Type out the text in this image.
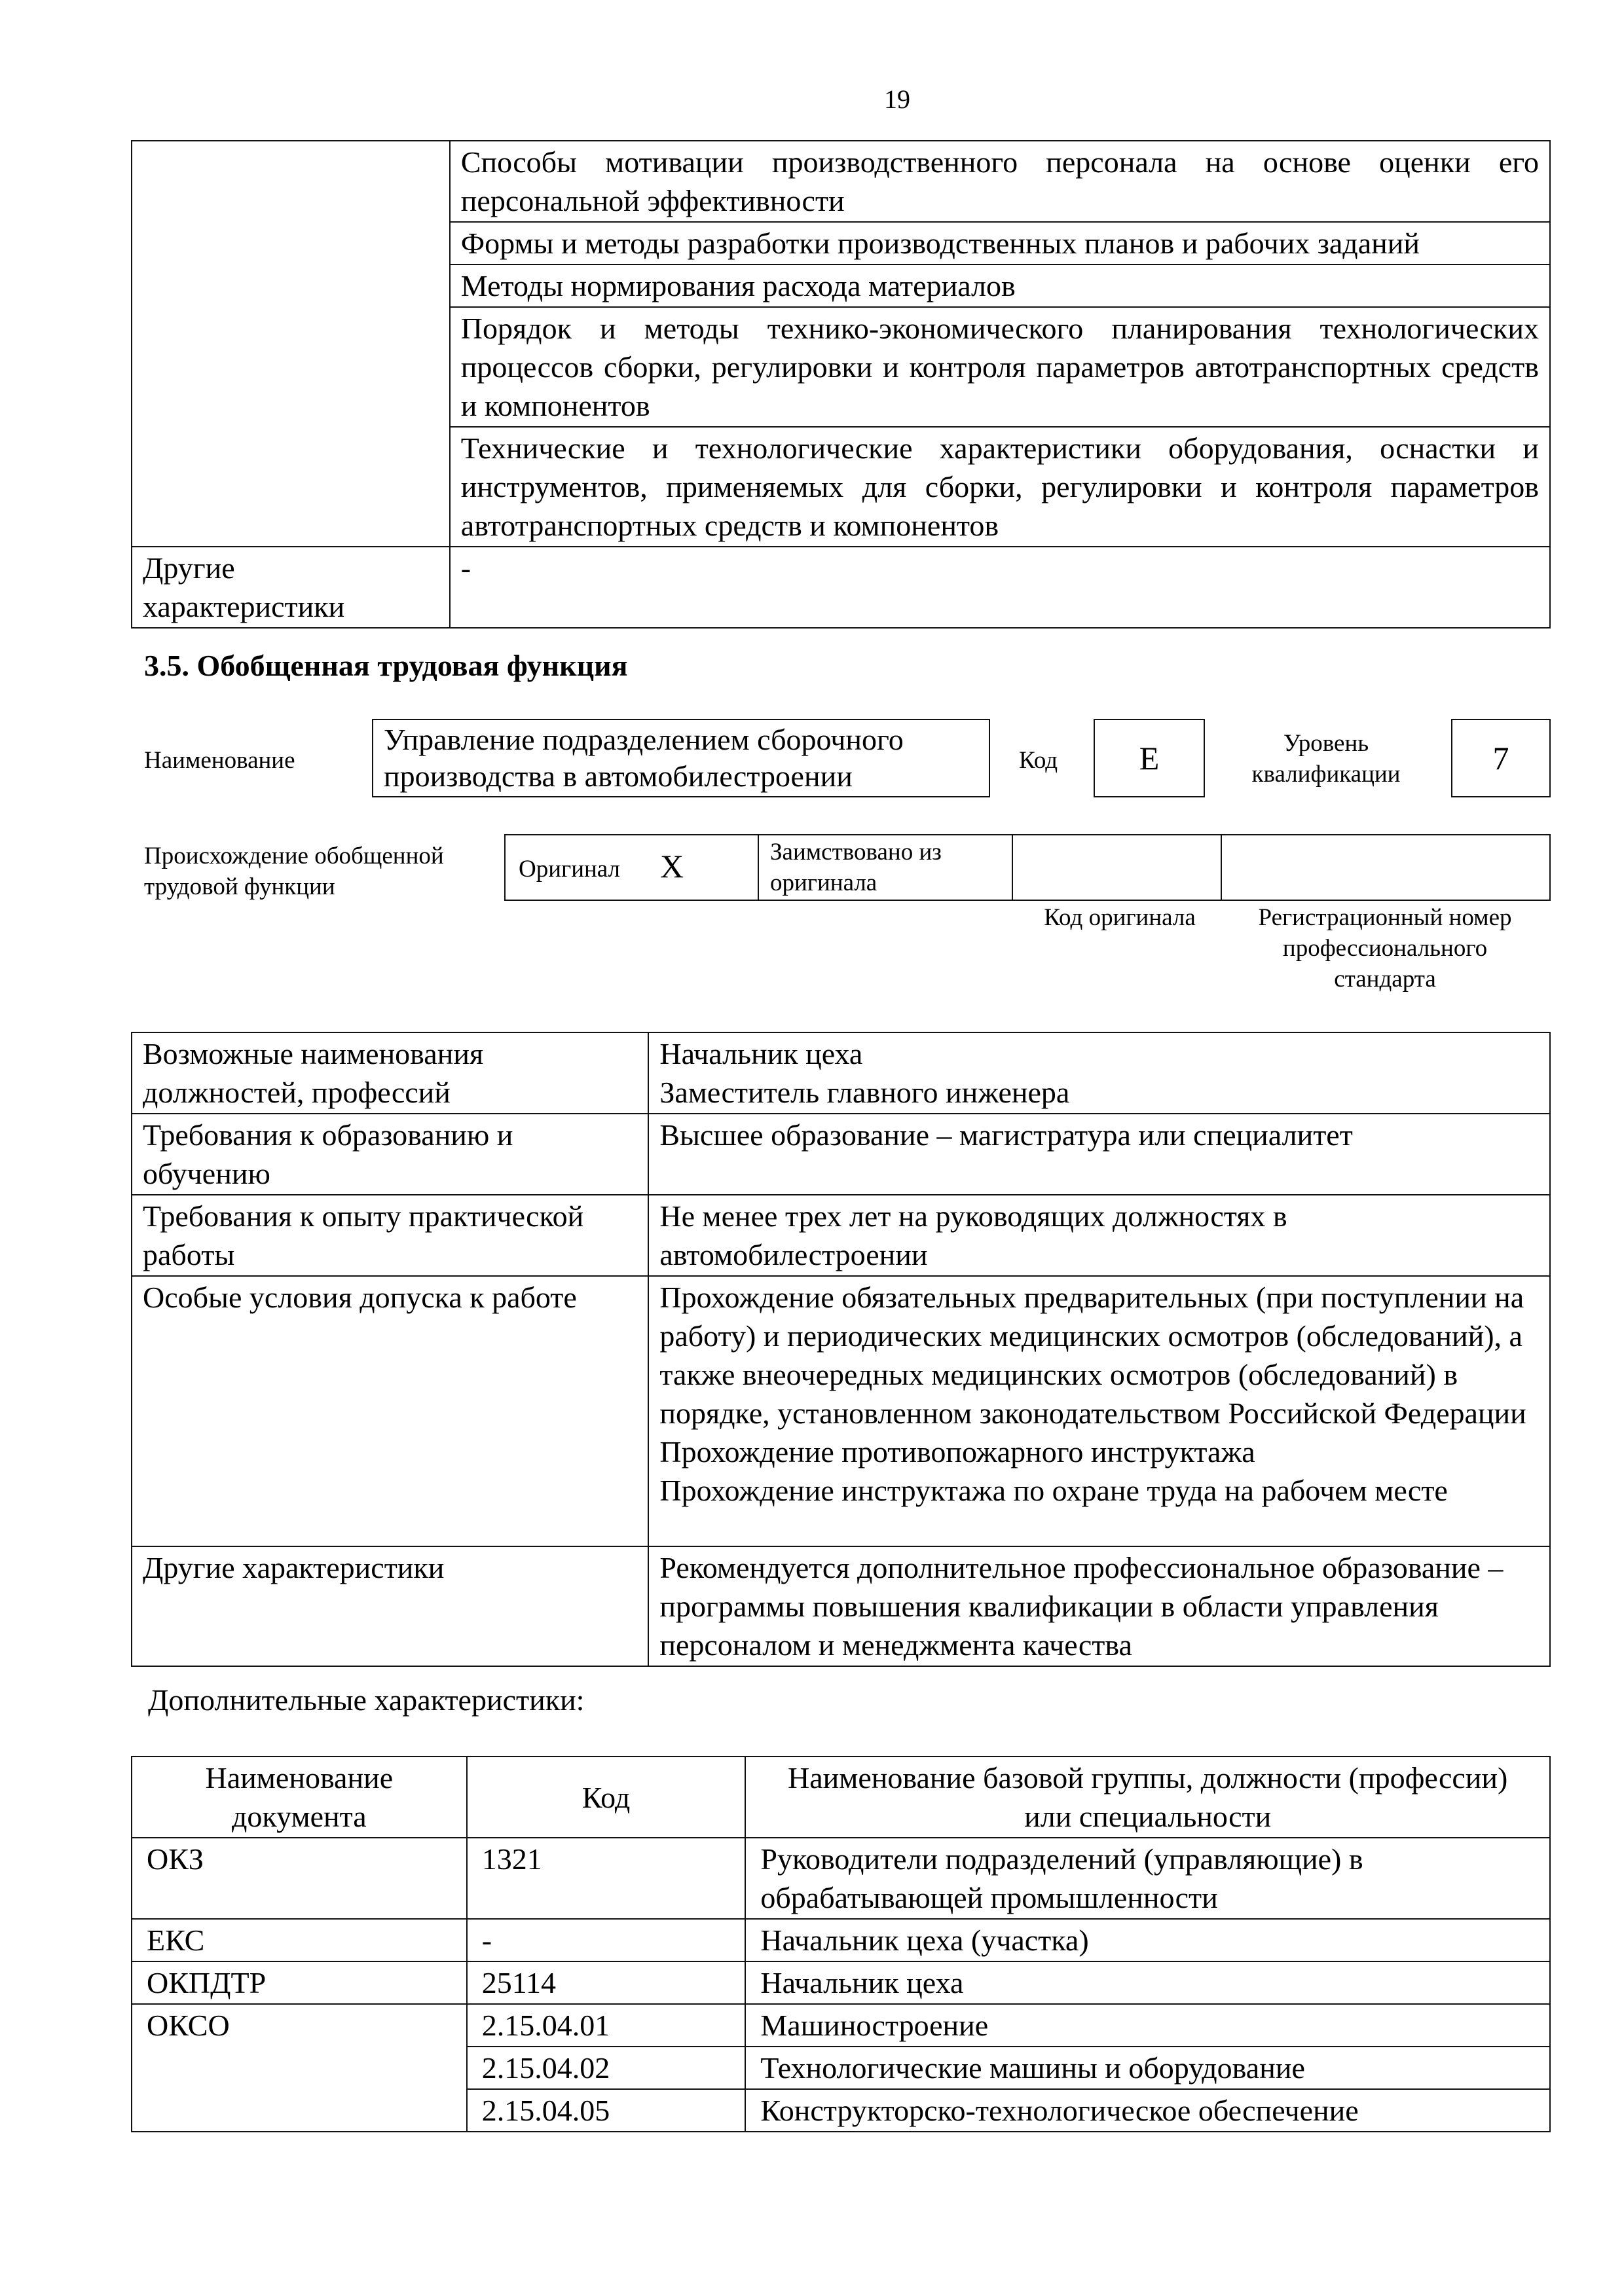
19
	Способы мотивации производственного персонала на основе оценки его персональной эффективности
	Формы и методы разработки производственных планов и рабочих заданий
	Методы нормирования расхода материалов
	Порядок и методы технико-экономического планирования технологических процессов сборки, регулировки и контроля параметров автотранспортных средств и компонентов
	Технические и технологические характеристики оборудования, оснастки и инструментов, применяемых для сборки, регулировки и контроля параметров автотранспортных средств и компонентов
Другие характеристики	-
3.5. Обобщенная трудовая функция
Наименование
Управление подразделением сборочного производства в автомобилестроении	Код E	Уровень квалификации	7
Происхождение обобщенной трудовой функции
Оригинал X	Заимствовано из оригинала
Код оригинала	Регистрационный номер профессионального стандарта
Возможные наименования должностей, профессий	Начальник цеха
Заместитель главного инженера
Требования к образованию и обучению	Высшее образование – магистратура или специалитет
Требования к опыту практической работы	Не менее трех лет на руководящих должностях в автомобилестроении
Особые условия допуска к работе	Прохождение обязательных предварительных (при поступлении на работу) и периодических медицинских осмотров (обследований), а также внеочередных медицинских осмотров (обследований) в порядке, установленном законодательством Российской Федерации
Прохождение противопожарного инструктажа
Прохождение инструктажа по охране труда на рабочем месте
Другие характеристики	Рекомендуется дополнительное профессиональное образование – программы повышения квалификации в области управления персоналом и менеджмента качества
Дополнительные характеристики:
Наименование документа	Код	Наименование базовой группы, должности (профессии) или специальности
ОКЗ	1321	Руководители подразделений (управляющие) в обрабатывающей промышленности
ЕКС	-	Начальник цеха (участка)
ОКПДТР	25114	Начальник цеха
ОКСО	2.15.04.01	Машиностроение
	2.15.04.02	Технологические машины и оборудование
	2.15.04.05	Конструкторско-технологическое обеспечение
